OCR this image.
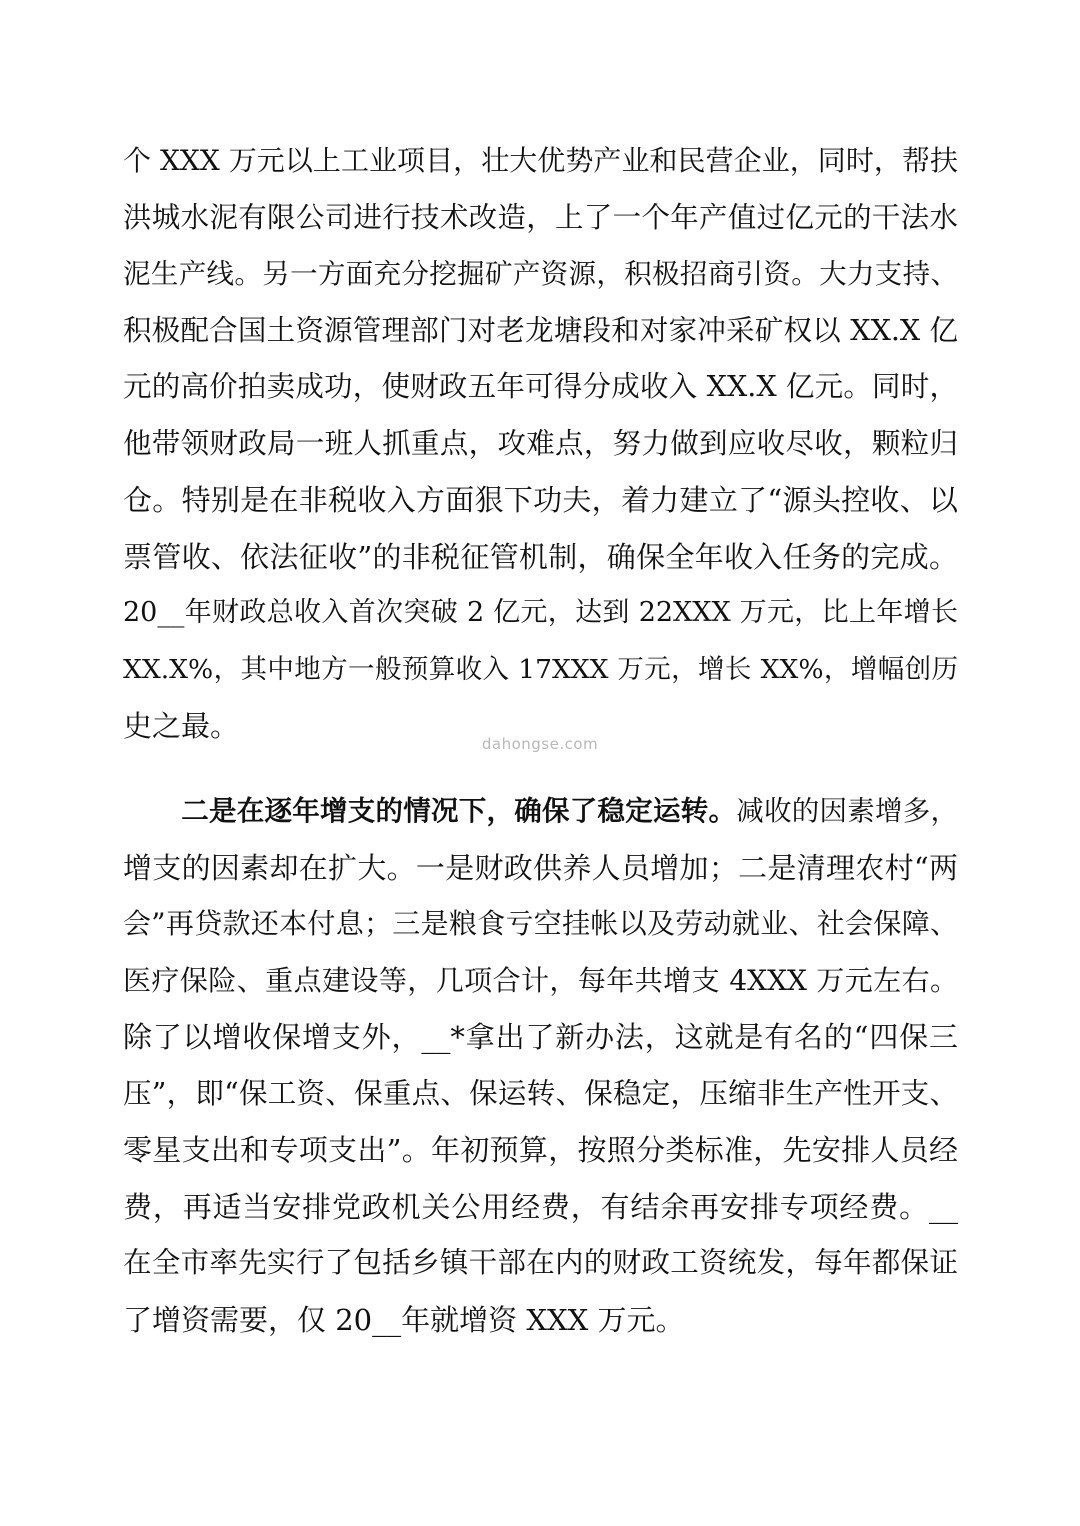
个 XXX 万元以上工业项目，壮大优势产业和民营企业，同时，帮扶
洪城水泥有限公司进行技术改造，上了一个年产值过亿元的干法水
泥生产线。另一方面充分挖掘矿产资源，积极招商引资。大力支持、
积极配合国土资源管理部门对老龙塘段和对家冲采矿权以 XX.X 亿
元的高价拍卖成功，使财政五年可得分成收入 XX.X 亿元。同时，
他带领财政局一班人抓重点，攻难点，努力做到应收尽收，颗粒归
仓。特别是在非税收入方面狠下功夫，着力建立了“源头控收、以
票管收、依法征收”的非税征管机制，确保全年收入任务的完成。
20__年财政总收入首次突破 2 亿元，达到 22XXX 万元，比上年增长
XX.X%，其中地方一般预算收入 17XXX 万元，增长 XX%，增幅创历
史之最。
dahongse.com
二是在逐年增支的情况下，确保了稳定运转。减收的因素增多，
增支的因素却在扩大。一是财政供养人员增加；二是清理农村“两
会”再贷款还本付息；三是粮食亏空挂帐以及劳动就业、社会保障、
医疗保险、重点建设等，几项合计，每年共增支 4XXX 万元左右。
除了以增收保增支外，__*拿出了新办法，这就是有名的“四保三
压”，即“保工资、保重点、保运转、保稳定，压缩非生产性开支、
零星支出和专项支出”。年初预算，按照分类标准，先安排人员经
费，再适当安排党政机关公用经费，有结余再安排专项经费。__
在全市率先实行了包括乡镇干部在内的财政工资统发，每年都保证
了增资需要，仅 20__年就增资 XXX 万元。
